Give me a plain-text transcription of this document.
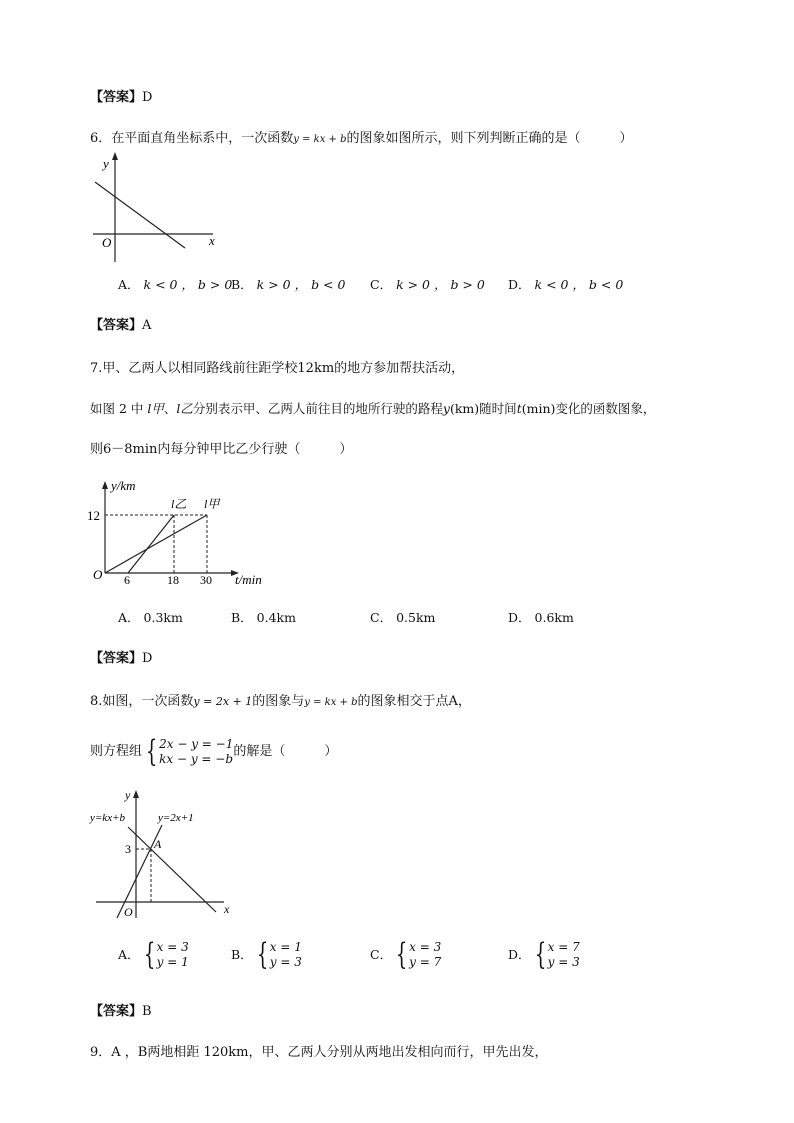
【答案】D
6．在平面直角坐标系中，一次函数y = kx + b的图象如图所示，则下列判断正确的是（　　　）
y
x
O
A． k < 0 ， b > 0
B． k > 0 ， b < 0 C． k > 0 ， b > 0 D． k < 0 ， b < 0
【答案】A
7.甲、乙两人以相同路线前往距学校12km的地方参加帮扶活动，
如图 2 中 l甲、l乙分别表示甲、乙两人前往目的地所行驶的路程y(km)随时间t(min)变化的函数图象，
则6－8min内每分钟甲比乙少行驶（　　　）
y/km
t/min
O
12
6	18 30
l乙 l甲
A． 0.3km	B． 0.4km	C． 0.5km	D． 0.6km
【答案】D
8.如图，一次函数y = 2x + 1的图象与y = kx + b的图象相交于点A，
则方程组 { 2x − y = −1
kx − y = −b 的解是（　　　）
y
x
O
3 A
y=kx+b	y=2x+1
A． { x = 3
y = 1	B． { x = 1
y = 3	C． { x = 3
y = 7	D． { x = 7
y = 3
【答案】B
9．A ，B两地相距 120km，甲、乙两人分别从两地出发相向而行，甲先出发，
